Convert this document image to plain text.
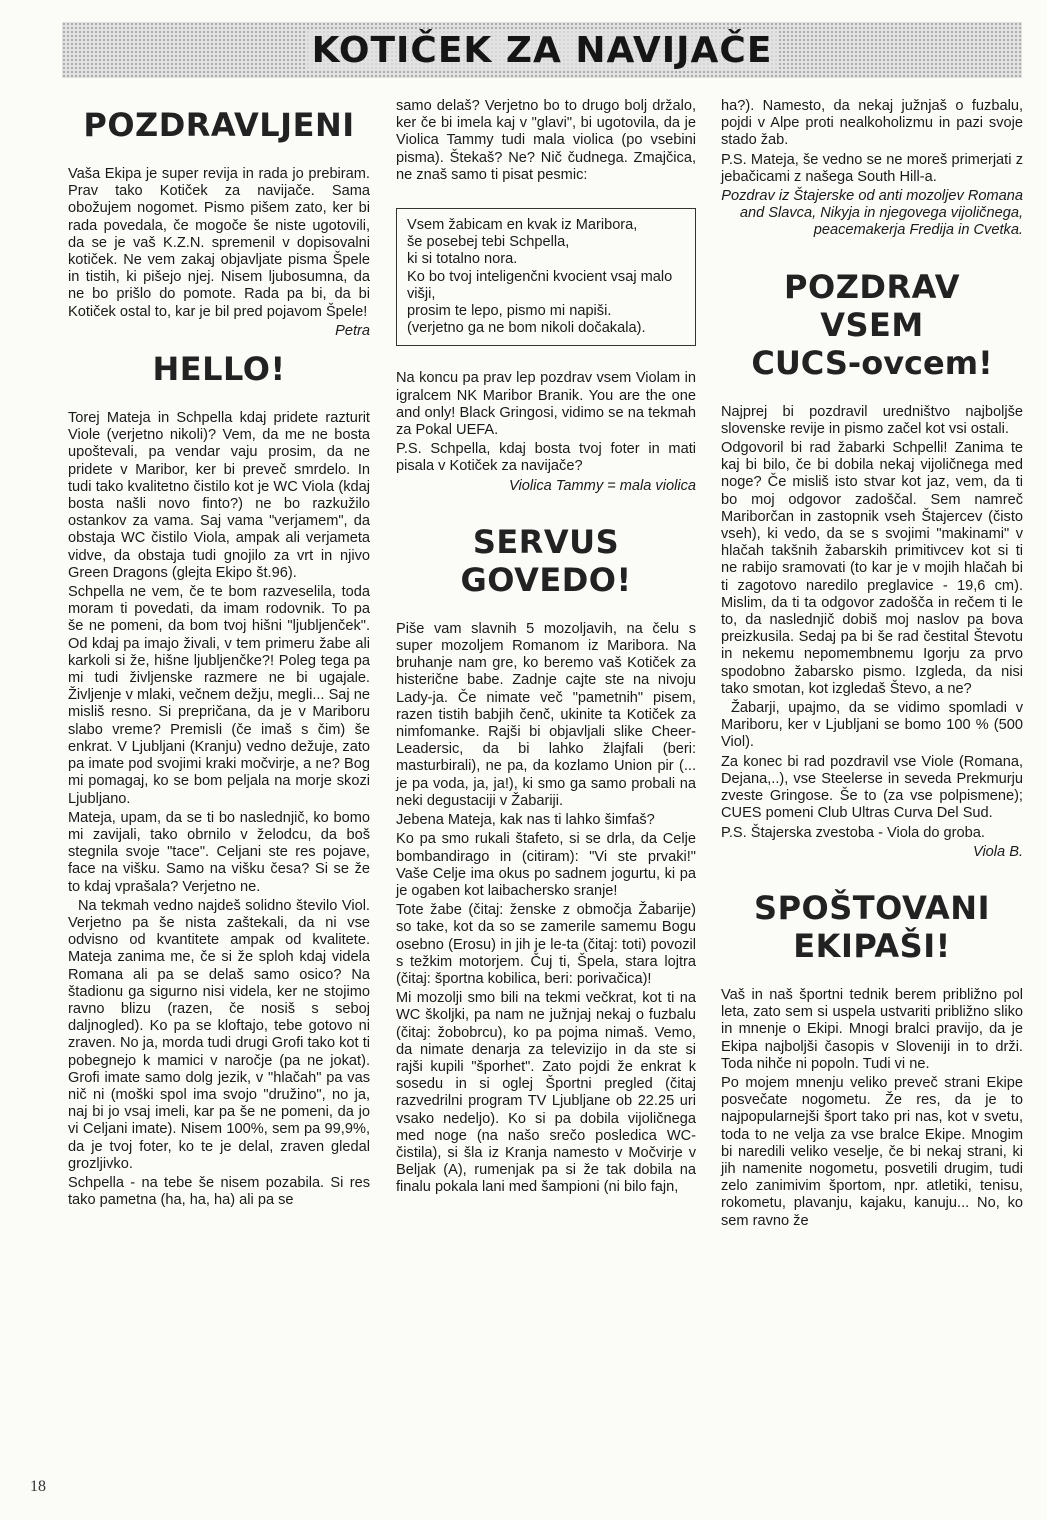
KOTIČEK ZA NAVIJAČE
POZDRAVLJENI

Vaša Ekipa je super revija in rada jo prebiram. Prav tako Kotiček za navijače. Sama obožujem nogomet. Pismo pišem zato, ker bi rada povedala, če mogoče še niste ugotovili, da se je vaš K.Z.N. spremenil v dopisovalni kotiček. Ne vem zakaj objavljate pisma Špele in tistih, ki pišejo njej. Nisem ljubosumna, da ne bo prišlo do pomote. Rada pa bi, da bi Kotiček ostal to, kar je bil pred pojavom Špele!

Petra
HELLO!

Torej Mateja in Schpella kdaj pridete razturit Viole (verjetno nikoli)? Vem, da me ne bosta upoštevali, pa vendar vaju prosim, da ne pridete v Maribor, ker bi preveč smrdelo. In tudi tako kvalitetno čistilo kot je WC Viola (kdaj bosta našli novo finto?) ne bo razkužilo ostankov za vama. Saj vama "verjamem", da obstaja WC čistilo Viola, ampak ali verjameta vidve, da obstaja tudi gnojilo za vrt in njivo Green Dragons (glejta Ekipo št.96).

Schpella ne vem, če te bom razveselila, toda moram ti povedati, da imam rodovnik. To pa še ne pomeni, da bom tvoj hišni "ljubljenček". Od kdaj pa imajo živali, v tem primeru žabe ali karkoli si že, hišne ljubljenčke?! Poleg tega pa mi tudi življenske razmere ne bi ugajale. Življenje v mlaki, večnem dežju, megli... Saj ne misliš resno. Si prepričana, da je v Mariboru slabo vreme? Premisli (če imaš s čim) še enkrat. V Ljubljani (Kranju) vedno dežuje, zato pa imate pod svojimi kraki močvirje, a ne? Bog mi pomagaj, ko se bom peljala na morje skozi Ljubljano.

Mateja, upam, da se ti bo naslednjič, ko bomo mi zavijali, tako obrnilo v želodcu, da boš stegnila svoje "tace". Celjani ste res pojave, face na višku. Samo na višku česa? Si se že to kdaj vprašala? Verjetno ne.

Na tekmah vedno najdeš solidno število Viol. Verjetno pa še nista zaštekali, da ni vse odvisno od kvantitete ampak od kvalitete. Mateja zanima me, če si že sploh kdaj videla Romana ali pa se delaš samo osico? Na štadionu ga sigurno nisi videla, ker ne stojimo ravno blizu (razen, če nosiš s seboj daljnogled). Ko pa se kloftajo, tebe gotovo ni zraven. No ja, morda tudi drugi Grofi tako kot ti pobegnejo k mamici v naročje (pa ne jokat). Grofi imate samo dolg jezik, v "hlačah" pa vas nič ni (moški spol ima svojo "družino", no ja, naj bi jo vsaj imeli, kar pa še ne pomeni, da jo vi Celjani imate). Nisem 100%, sem pa 99,9%, da je tvoj foter, ko te je delal, zraven gledal grozljivko.

Schpella - na tebe še nisem pozabila. Si res tako pametna (ha, ha, ha) ali pa se

samo delaš? Verjetno bo to drugo bolj držalo, ker če bi imela kaj v "glavi", bi ugotovila, da je Violica Tammy tudi mala violica (po vsebini pisma). Štekaš? Ne? Nič čudnega. Zmajčica, ne znaš samo ti pisat pesmic:

Vsem žabicam en kvak iz Maribora,
še posebej tebi Schpella,
ki si totalno nora.
Ko bo tvoj inteligenčni kvocient vsaj malo višji,
prosim te lepo, pismo mi napiši.
(verjetno ga ne bom nikoli dočakala).

Na koncu pa prav lep pozdrav vsem Violam in igralcem NK Maribor Branik. You are the one and only! Black Gringosi, vidimo se na tekmah za Pokal UEFA.

P.S. Schpella, kdaj bosta tvoj foter in mati pisala v Kotiček za navijače?

Violica Tammy = mala violica
SERVUS
GOVEDO!

Piše vam slavnih 5 mozoljavih, na čelu s super mozoljem Romanom iz Maribora. Na bruhanje nam gre, ko beremo vaš Kotiček za histerične babe. Zadnje cajte ste na nivoju Lady-ja. Če nimate več "pametnih" pisem, razen tistih babjih čenč, ukinite ta Kotiček za nimfomanke. Rajši bi objavljali slike Cheer-Leadersic, da bi lahko žlajfali (beri: masturbirali), ne pa, da kozlamo Union pir (... je pa voda, ja, ja!), ki smo ga samo probali na neki degustaciji v Žabariji.

Jebena Mateja, kak nas ti lahko šimfaš?

Ko pa smo rukali štafeto, si se drla, da Celje bombandirago in (citiram): "Vi ste prvaki!" Vaše Celje ima okus po sadnem jogurtu, ki pa je ogaben kot laibachersko sranje!

Tote žabe (čitaj: ženske z območja Žabarije) so take, kot da so se zamerile samemu Bogu osebno (Erosu) in jih je le-ta (čitaj: toti) povozil s težkim motorjem. Čuj ti, Špela, stara lojtra (čitaj: športna kobilica, beri: porivačica)!

Mi mozolji smo bili na tekmi večkrat, kot ti na WC školjki, pa nam ne južnjaj nekaj o fuzbalu (čitaj: žobobrcu), ko pa pojma nimaš. Vemo, da nimate denarja za televizijo in da ste si rajši kupili "šporhet". Zato pojdi že enkrat k sosedu in si oglej Športni pregled (čitaj razvedrilni program TV Ljubljane ob 22.25 uri vsako nedeljo). Ko si pa dobila vijoličnega med noge (na našo srečo posledica WC-čistila), si šla iz Kranja namesto v Močvirje v Beljak (A), rumenjak pa si že tak dobila na finalu pokala lani med šampioni (ni bilo fajn,

ha?). Namesto, da nekaj južnjaš o fuzbalu, pojdi v Alpe proti nealkoholizmu in pazi svoje stado žab.

P.S. Mateja, še vedno se ne moreš primerjati z jebačicami z našega South Hill-a.

Pozdrav iz Štajerske od anti mozoljev Romana and Slavca, Nikyja in njegovega vijoličnega, peacemakerja Fredija in Cvetka.
POZDRAV
VSEM
CUCS-ovcem!

Najprej bi pozdravil uredništvo najboljše slovenske revije in pismo začel kot vsi ostali.

Odgovoril bi rad žabarki Schpelli! Zanima te kaj bi bilo, če bi dobila nekaj vijoličnega med noge? Če misliš isto stvar kot jaz, vem, da ti bo moj odgovor zadoščal. Sem namreč Mariborčan in zastopnik vseh Štajercev (čisto vseh), ki vedo, da se s svojimi "makinami" v hlačah takšnih žabarskih primitivcev kot si ti ne rabijo sramovati (to kar je v mojih hlačah bi ti zagotovo naredilo preglavice - 19,6 cm). Mislim, da ti ta odgovor zadošča in rečem ti le to, da naslednjič dobiš moj naslov pa bova preizkusila. Sedaj pa bi še rad čestital Števotu in nekemu nepomembnemu Igorju za prvo spodobno žabarsko pismo. Izgleda, da nisi tako smotan, kot izgledaš Števo, a ne?

Žabarji, upajmo, da se vidimo spomladi v Mariboru, ker v Ljubljani se bomo 100 % (500 Viol).

Za konec bi rad pozdravil vse Viole (Romana, Dejana,..), vse Steelerse in seveda Prekmurju zveste Gringose. Še to (za vse polpismene); CUES pomeni Club Ultras Curva Del Sud.

P.S. Štajerska zvestoba - Viola do groba.

Viola B.
SPOŠTOVANI
EKIPAŠI!

Vaš in naš športni tednik berem približno pol leta, zato sem si uspela ustvariti približno sliko in mnenje o Ekipi. Mnogi bralci pravijo, da je Ekipa najboljši časopis v Sloveniji in to drži. Toda nihče ni popoln. Tudi vi ne.

Po mojem mnenju veliko preveč strani Ekipe posvečate nogometu. Že res, da je to najpopularnejši šport tako pri nas, kot v svetu, toda to ne velja za vse bralce Ekipe. Mnogim bi naredili veliko veselje, če bi nekaj strani, ki jih namenite nogometu, posvetili drugim, tudi zelo zanimivim športom, npr. atletiki, tenisu, rokometu, plavanju, kajaku, kanuju... No, ko sem ravno že

18
